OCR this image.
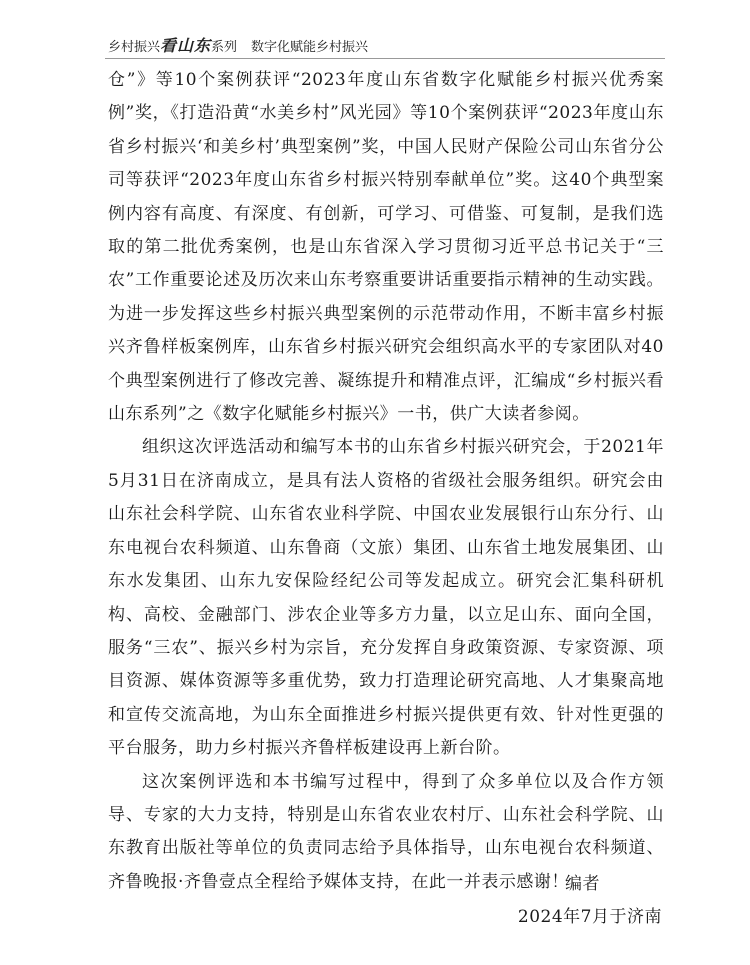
乡村振兴看山东系列 数字化赋能乡村振兴

仓”》等10个案例获评“2023年度山东省数字化赋能乡村振兴优秀案例”奖，《打造沿黄“水美乡村”风光园》等10个案例获评“2023年度山东省乡村振兴‘和美乡村’典型案例”奖，中国人民财产保险公司山东省分公司等获评“2023年度山东省乡村振兴特别奉献单位”奖。这40个典型案例内容有高度、有深度、有创新，可学习、可借鉴、可复制，是我们选取的第二批优秀案例，也是山东省深入学习贯彻习近平总书记关于“三农”工作重要论述及历次来山东考察重要讲话重要指示精神的生动实践。为进一步发挥这些乡村振兴典型案例的示范带动作用，不断丰富乡村振兴齐鲁样板案例库，山东省乡村振兴研究会组织高水平的专家团队对40个典型案例进行了修改完善、凝练提升和精准点评，汇编成“乡村振兴看山东系列”之《数字化赋能乡村振兴》一书，供广大读者参阅。

组织这次评选活动和编写本书的山东省乡村振兴研究会，于2021年5月31日在济南成立，是具有法人资格的省级社会服务组织。研究会由山东社会科学院、山东省农业科学院、中国农业发展银行山东分行、山东电视台农科频道、山东鲁商（文旅）集团、山东省土地发展集团、山东水发集团、山东九安保险经纪公司等发起成立。研究会汇集科研机构、高校、金融部门、涉农企业等多方力量，以立足山东、面向全国，服务“三农”、振兴乡村为宗旨，充分发挥自身政策资源、专家资源、项目资源、媒体资源等多重优势，致力打造理论研究高地、人才集聚高地和宣传交流高地，为山东全面推进乡村振兴提供更有效、针对性更强的平台服务，助力乡村振兴齐鲁样板建设再上新台阶。

这次案例评选和本书编写过程中，得到了众多单位以及合作方领导、专家的大力支持，特别是山东省农业农村厅、山东社会科学院、山东教育出版社等单位的负责同志给予具体指导，山东电视台农科频道、齐鲁晚报·齐鲁壹点全程给予媒体支持，在此一并表示感谢！

编者
2024年7月于济南
